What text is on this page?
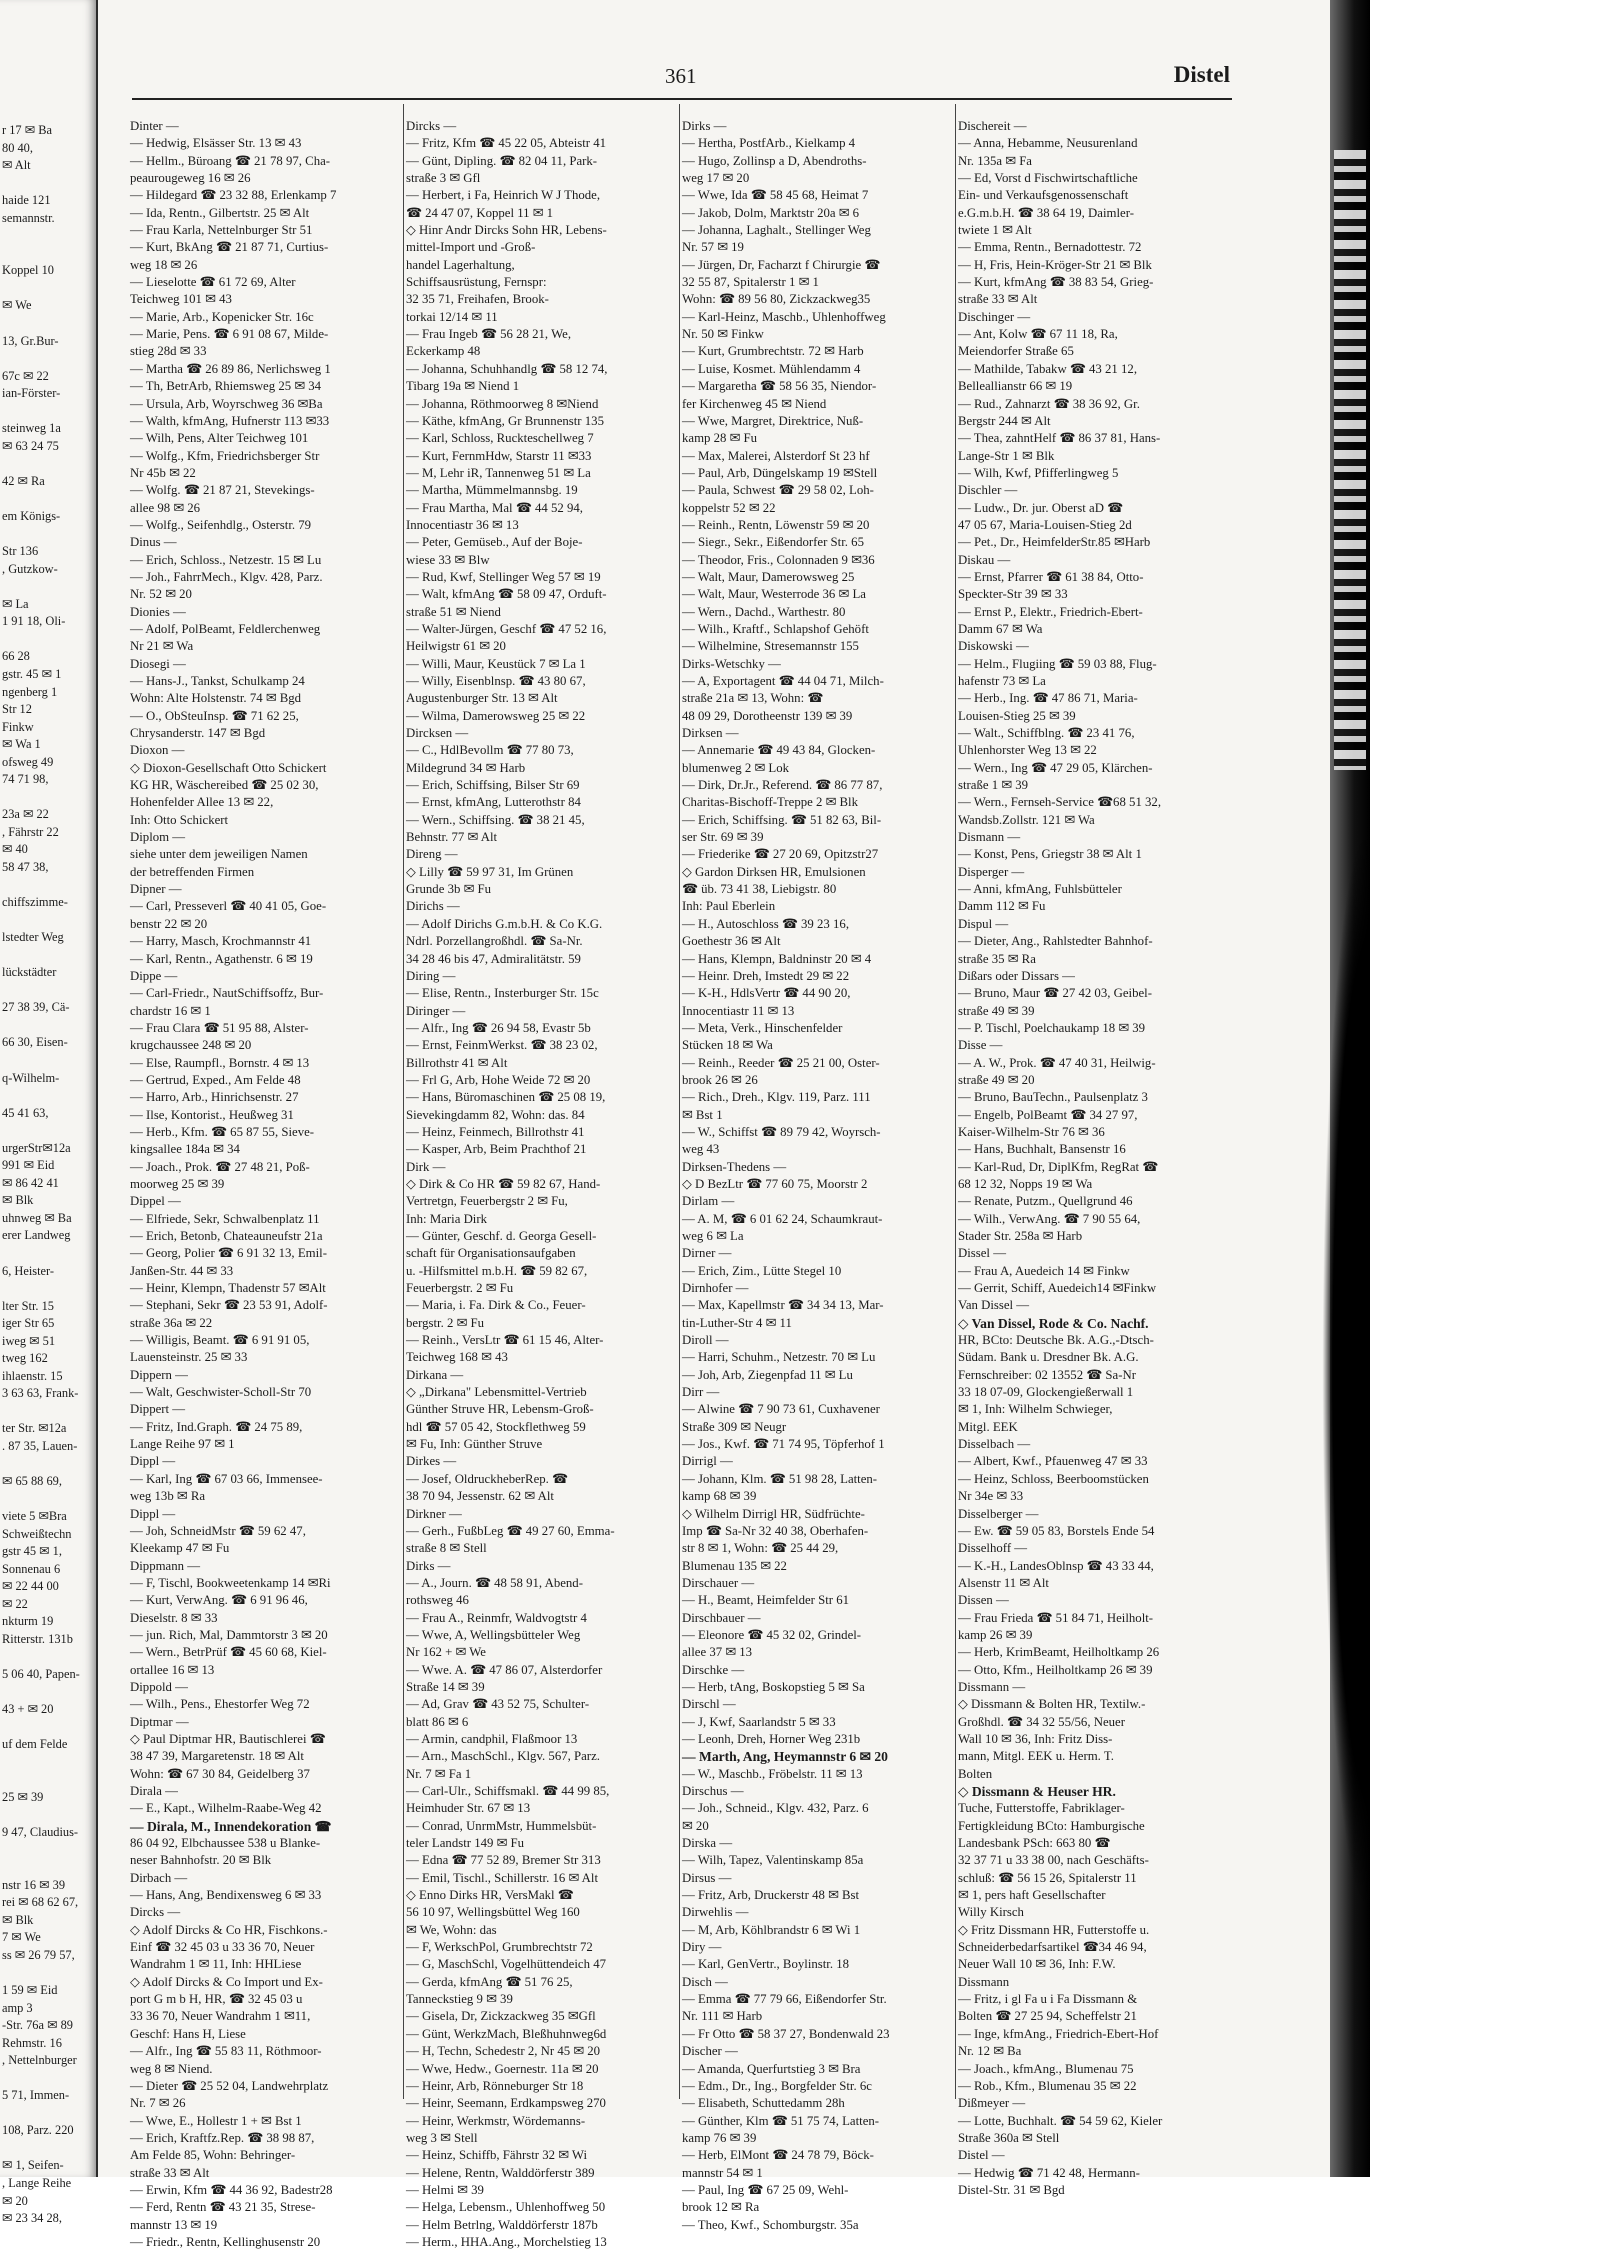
r 17 ✉ Ba
80 40,
✉ Alt

haide 121
semannstr.

Koppel 10

✉ We

13, Gr.Bur-

67c ✉ 22
ian-Förster-

steinweg 1a
✉ 63 24 75

42 ✉ Ra

em Königs-

Str 136
, Gutzkow-

✉ La
1 91 18, Oli-

66 28
gstr. 45 ✉ 1
ngenberg 1
Str 12
Finkw
✉ Wa 1
ofsweg 49
74 71 98,

23a ✉ 22
, Fährstr 22
✉ 40
58 47 38,

chiffszimme-

lstedter Weg

lückstädter

27 38 39, Cä-

66 30, Eisen-

q-Wilhelm-

45 41 63,

urgerStr✉12a
991 ✉ Eid
✉ 86 42 41
✉ Blk
uhnweg ✉ Ba
erer Landweg

6, Heister-

lter Str. 15
iger Str 65
iweg ✉ 51
tweg 162
ihlaenstr. 15
3 63 63, Frank-

ter Str. ✉12a
. 87 35, Lauen-

✉ 65 88 69,

viete 5 ✉Bra
Schweißtechn
gstr 45 ✉ 1,
Sonnenau 6
✉ 22 44 00
✉ 22
nkturm 19
Ritterstr. 131b

5 06 40, Papen-

43 + ✉ 20

uf dem Felde

25 ✉ 39

9 47, Claudius-

nstr 16 ✉ 39
rei ✉ 68 62 67,
✉ Blk
7 ✉ We
ss ✉ 26 79 57,

1 59 ✉ Eid
amp 3
-Str. 76a ✉ 89
Rehmstr. 16
, Nettelnburger

5 71, Immen-

108, Parz. 220

✉ 1, Seifen-
, Lange Reihe
✉ 20
✉ 23 34 28,
361	Distel
Dinter —
— Hedwig, Elsässer Str. 13 ✉ 43
— Hellm., Büroang ☎ 21 78 97, Cha-
peaurougeweg 16 ✉ 26
— Hildegard ☎ 23 32 88, Erlenkamp 7
— Ida, Rentn., Gilbertstr. 25 ✉ Alt
— Frau Karla, Nettelnburger Str 51
— Kurt, BkAng ☎ 21 87 71, Curtius-
weg 18 ✉ 26
— Lieselotte ☎ 61 72 69, Alter
Teichweg 101 ✉ 43
— Marie, Arb., Kopenicker Str. 16c
— Marie, Pens. ☎ 6 91 08 67, Milde-
stieg 28d ✉ 33
— Martha ☎ 26 89 86, Nerlichsweg 1
— Th, BetrArb, Rhiemsweg 25 ✉ 34
— Ursula, Arb, Woyrschweg 36 ✉Ba
— Walth, kfmAng, Hufnerstr 113 ✉33
— Wilh, Pens, Alter Teichweg 101
— Wolfg., Kfm, Friedrichsberger Str
Nr 45b ✉ 22
— Wolfg. ☎ 21 87 21, Stevekings-
allee 98 ✉ 26
— Wolfg., Seifenhdlg., Osterstr. 79
Dinus —
— Erich, Schloss., Netzestr. 15 ✉ Lu
— Joh., FahrrMech., Klgv. 428, Parz.
Nr. 52 ✉ 20
Dionies —
— Adolf, PolBeamt, Feldlerchenweg
Nr 21 ✉ Wa
Diosegi —
— Hans-J., Tankst, Schulkamp 24
Wohn: Alte Holstenstr. 74 ✉ Bgd
— O., ObSteuInsp. ☎ 71 62 25,
Chrysanderstr. 147 ✉ Bgd
Dioxon —
◇ Dioxon-Gesellschaft Otto Schickert
KG HR, Wäschereibed ☎ 25 02 30,
Hohenfelder Allee 13 ✉ 22,
Inh: Otto Schickert
Diplom —
siehe unter dem jeweiligen Namen
der betreffenden Firmen
Dipner —
— Carl, Presseverl ☎ 40 41 05, Goe-
benstr 22 ✉ 20
— Harry, Masch, Krochmannstr 41
— Karl, Rentn., Agathenstr. 6 ✉ 19
Dippe —
— Carl-Friedr., NautSchiffsoffz, Bur-
chardstr 16 ✉ 1
— Frau Clara ☎ 51 95 88, Alster-
krugchaussee 248 ✉ 20
— Else, Raumpfl., Bornstr. 4 ✉ 13
— Gertrud, Exped., Am Felde 48
— Harro, Arb., Hinrichsenstr. 27
— Ilse, Kontorist., Heußweg 31
— Herb., Kfm. ☎ 65 87 55, Sieve-
kingsallee 184a ✉ 34
— Joach., Prok. ☎ 27 48 21, Poß-
moorweg 25 ✉ 39
Dippel —
— Elfriede, Sekr, Schwalbenplatz 11
— Erich, Betonb, Chateauneufstr 21a
— Georg, Polier ☎ 6 91 32 13, Emil-
Janßen-Str. 44 ✉ 33
— Heinr, Klempn, Thadenstr 57 ✉Alt
— Stephani, Sekr ☎ 23 53 91, Adolf-
straße 36a ✉ 22
— Willigis, Beamt. ☎ 6 91 91 05,
Lauensteinstr. 25 ✉ 33
Dippern —
— Walt, Geschwister-Scholl-Str 70
Dippert —
— Fritz, Ind.Graph. ☎ 24 75 89,
Lange Reihe 97 ✉ 1
Dippl —
— Karl, Ing ☎ 67 03 66, Immensee-
weg 13b ✉ Ra
Dippl —
— Joh, SchneidMstr ☎ 59 62 47,
Kleekamp 47 ✉ Fu
Dippmann —
— F, Tischl, Bookweetenkamp 14 ✉Ri
— Kurt, VerwAng. ☎ 6 91 96 46,
Dieselstr. 8 ✉ 33
— jun. Rich, Mal, Dammtorstr 3 ✉ 20
— Wern., BetrPrüf ☎ 45 60 68, Kiel-
ortallee 16 ✉ 13
Dippold —
— Wilh., Pens., Ehestorfer Weg 72
Diptmar —
◇ Paul Diptmar HR, Bautischlerei ☎
38 47 39, Margaretenstr. 18 ✉ Alt
Wohn: ☎ 67 30 84, Geidelberg 37
Dirala —
— E., Kapt., Wilhelm-Raabe-Weg 42
— Dirala, M., Innendekoration ☎
86 04 92, Elbchaussee 538 u Blanke-
neser Bahnhofstr. 20 ✉ Blk
Dirbach —
— Hans, Ang, Bendixensweg 6 ✉ 33
Dircks —
◇ Adolf Dircks & Co HR, Fischkons.-
Einf ☎ 32 45 03 u 33 36 70, Neuer
Wandrahm 1 ✉ 11, Inh: HHLiese
◇ Adolf Dircks & Co Import und Ex-
port G m b H, HR, ☎ 32 45 03 u
33 36 70, Neuer Wandrahm 1 ✉11,
Geschf: Hans H, Liese
— Alfr., Ing ☎ 55 83 11, Röthmoor-
weg 8 ✉ Niend.
— Dieter ☎ 25 52 04, Landwehrplatz
Nr. 7 ✉ 26
— Wwe, E., Hollestr 1 + ✉ Bst 1
— Erich, Kraftfz.Rep. ☎ 38 98 87,
Am Felde 85, Wohn: Behringer-
straße 33 ✉ Alt
— Erwin, Kfm ☎ 44 36 92, Badestr28
— Ferd, Rentn ☎ 43 21 35, Strese-
mannstr 13 ✉ 19
— Friedr., Rentn, Kellinghusenstr 20
Dircks —
— Fritz, Kfm ☎ 45 22 05, Abteistr 41
— Günt, Dipling. ☎ 82 04 11, Park-
straße 3 ✉ Gfl
— Herbert, i Fa, Heinrich W J Thode,
☎ 24 47 07, Koppel 11 ✉ 1
◇ Hinr Andr Dircks Sohn HR, Lebens-
mittel-Import und -Groß-
handel Lagerhaltung,
Schiffsausrüstung, Fernspr:
32 35 71, Freihafen, Brook-
torkai 12/14 ✉ 11
— Frau Ingeb ☎ 56 28 21, We,
Eckerkamp 48
— Johanna, Schuhhandlg ☎ 58 12 74,
Tibarg 19a ✉ Niend 1
— Johanna, Röthmoorweg 8 ✉Niend
— Käthe, kfmAng, Gr Brunnenstr 135
— Karl, Schloss, Ruckteschellweg 7
— Kurt, FernmHdw, Starstr 11 ✉33
— M, Lehr iR, Tannenweg 51 ✉ La
— Martha, Mümmelmannsbg. 19
— Frau Martha, Mal ☎ 44 52 94,
Innocentiastr 36 ✉ 13
— Peter, Gemüseb., Auf der Boje-
wiese 33 ✉ Blw
— Rud, Kwf, Stellinger Weg 57 ✉ 19
— Walt, kfmAng ☎ 58 09 47, Orduft-
straße 51 ✉ Niend
— Walter-Jürgen, Geschf ☎ 47 52 16,
Heilwigstr 61 ✉ 20
— Willi, Maur, Keustück 7 ✉ La 1
— Willy, Eisenblnsp. ☎ 43 80 67,
Augustenburger Str. 13 ✉ Alt
— Wilma, Damerowsweg 25 ✉ 22
Dircksen —
— C., HdlBevollm ☎ 77 80 73,
Mildegrund 34 ✉ Harb
— Erich, Schiffsing, Bilser Str 69
— Ernst, kfmAng, Lutterothstr 84
— Wern., Schiffsing. ☎ 38 21 45,
Behnstr. 77 ✉ Alt
Direng —
◇ Lilly ☎ 59 97 31, Im Grünen
Grunde 3b ✉ Fu
Dirichs —
— Adolf Dirichs G.m.b.H. & Co K.G.
Ndrl. Porzellangroßhdl. ☎ Sa-Nr.
34 28 46 bis 47, Admiralitätstr. 59
Diring —
— Elise, Rentn., Insterburger Str. 15c
Diringer —
— Alfr., Ing ☎ 26 94 58, Evastr 5b
— Ernst, FeinmWerkst. ☎ 38 23 02,
Billrothstr 41 ✉ Alt
— Frl G, Arb, Hohe Weide 72 ✉ 20
— Hans, Büromaschinen ☎ 25 08 19,
Sievekingdamm 82, Wohn: das. 84
— Heinz, Feinmech, Billrothstr 41
— Kasper, Arb, Beim Prachthof 21
Dirk —
◇ Dirk & Co HR ☎ 59 82 67, Hand-
Vertretgn, Feuerbergstr 2 ✉ Fu,
Inh: Maria Dirk
— Günter, Geschf. d. Georga Gesell-
schaft für Organisationsaufgaben
u. -Hilfsmittel m.b.H. ☎ 59 82 67,
Feuerbergstr. 2 ✉ Fu
— Maria, i. Fa. Dirk & Co., Feuer-
bergstr. 2 ✉ Fu
— Reinh., VersLtr ☎ 61 15 46, Alter-
Teichweg 168 ✉ 43
Dirkana —
◇ „Dirkana" Lebensmittel-Vertrieb
Günther Struve HR, Lebensm-Groß-
hdl ☎ 57 05 42, Stockflethweg 59
✉ Fu, Inh: Günther Struve
Dirkes —
— Josef, OldruckheberRep. ☎
38 70 94, Jessenstr. 62 ✉ Alt
Dirkner —
— Gerh., FußbLeg ☎ 49 27 60, Emma-
straße 8 ✉ Stell
Dirks —
— A., Journ. ☎ 48 58 91, Abend-
rothsweg 46
— Frau A., Reinmfr, Waldvogtstr 4
— Wwe, A, Wellingsbütteler Weg
Nr 162 + ✉ We
— Wwe. A. ☎ 47 86 07, Alsterdorfer
Straße 14 ✉ 39
— Ad, Grav ☎ 43 52 75, Schulter-
blatt 86 ✉ 6
— Armin, candphil, Flaßmoor 13
— Arn., MaschSchl., Klgv. 567, Parz.
Nr. 7 ✉ Fa 1
— Carl-Ulr., Schiffsmakl. ☎ 44 99 85,
Heimhuder Str. 67 ✉ 13
— Conrad, UnrmMstr, Hummelsbüt-
teler Landstr 149 ✉ Fu
— Edna ☎ 77 52 89, Bremer Str 313
— Emil, Tischl., Schillerstr. 16 ✉ Alt
◇ Enno Dirks HR, VersMakl ☎
56 10 97, Wellingsbüttel Weg 160
✉ We, Wohn: das
— F, WerkschPol, Grumbrechtstr 72
— G, MaschSchl, Vogelhüttendeich 47
— Gerda, kfmAng ☎ 51 76 25,
Tanneckstieg 9 ✉ 39
— Gisela, Dr, Zickzackweg 35 ✉Gfl
— Günt, WerkzMach, Bleßhuhnweg6d
— H, Techn, Schedestr 2, Nr 45 ✉ 20
— Wwe, Hedw., Goernestr. 11a ✉ 20
— Heinr, Arb, Rönneburger Str 18
— Heinr, Seemann, Erdkampsweg 270
— Heinr, Werkmstr, Wördemanns-
weg 3 ✉ Stell
— Heinz, Schiffb, Fährstr 32 ✉ Wi
— Helene, Rentn, Walddörferstr 389
— Helmi ✉ 39
— Helga, Lebensm., Uhlenhoffweg 50
— Helm Betrlng, Walddörferstr 187b
— Herm., HHA.Ang., Morchelstieg 13
Dirks —
— Hertha, PostfArb., Kielkamp 4
— Hugo, Zollinsp a D, Abendroths-
weg 17 ✉ 20
— Wwe, Ida ☎ 58 45 68, Heimat 7
— Jakob, Dolm, Marktstr 20a ✉ 6
— Johanna, Laghalt., Stellinger Weg
Nr. 57 ✉ 19
— Jürgen, Dr, Facharzt f Chirurgie ☎
32 55 87, Spitalerstr 1 ✉ 1
Wohn: ☎ 89 56 80, Zickzackweg35
— Karl-Heinz, Maschb., Uhlenhoffweg
Nr. 50 ✉ Finkw
— Kurt, Grumbrechtstr. 72 ✉ Harb
— Luise, Kosmet. Mühlendamm 4
— Margaretha ☎ 58 56 35, Niendor-
fer Kirchenweg 45 ✉ Niend
— Wwe, Margret, Direktrice, Nuß-
kamp 28 ✉ Fu
— Max, Malerei, Alsterdorf St 23 hf
— Paul, Arb, Düngelskamp 19 ✉Stell
— Paula, Schwest ☎ 29 58 02, Loh-
koppelstr 52 ✉ 22
— Reinh., Rentn, Löwenstr 59 ✉ 20
— Siegr., Sekr., Eißendorfer Str. 65
— Theodor, Fris., Colonnaden 9 ✉36
— Walt, Maur, Damerowsweg 25
— Walt, Maur, Westerrode 36 ✉ La
— Wern., Dachd., Warthestr. 80
— Wilh., Kraftf., Schlapshof Gehöft
— Wilhelmine, Stresemannstr 155
Dirks-Wetschky —
— A, Exportagent ☎ 44 04 71, Milch-
straße 21a ✉ 13, Wohn: ☎
48 09 29, Dorotheenstr 139 ✉ 39
Dirksen —
— Annemarie ☎ 49 43 84, Glocken-
blumenweg 2 ✉ Lok
— Dirk, Dr.Jr., Referend. ☎ 86 77 87,
Charitas-Bischoff-Treppe 2 ✉ Blk
— Erich, Schiffsing. ☎ 51 82 63, Bil-
ser Str. 69 ✉ 39
— Friederike ☎ 27 20 69, Opitzstr27
◇ Gardon Dirksen HR, Emulsionen
☎ üb. 73 41 38, Liebigstr. 80
Inh: Paul Eberlein
— H., Autoschloss ☎ 39 23 16,
Goethestr 36 ✉ Alt
— Hans, Klempn, Baldninstr 20 ✉ 4
— Heinr. Dreh, Imstedt 29 ✉ 22
— K-H., HdlsVertr ☎ 44 90 20,
Innocentiastr 11 ✉ 13
— Meta, Verk., Hinschenfelder
Stücken 18 ✉ Wa
— Reinh., Reeder ☎ 25 21 00, Oster-
brook 26 ✉ 26
— Rich., Dreh., Klgv. 119, Parz. 111
✉ Bst 1
— W., Schiffst ☎ 89 79 42, Woyrsch-
weg 43
Dirksen-Thedens —
◇ D BezLtr ☎ 77 60 75, Moorstr 2
Dirlam —
— A. M, ☎ 6 01 62 24, Schaumkraut-
weg 6 ✉ La
Dirner —
— Erich, Zim., Lütte Stegel 10
Dirnhofer —
— Max, Kapellmstr ☎ 34 34 13, Mar-
tin-Luther-Str 4 ✉ 11
Diroll —
— Harri, Schuhm., Netzestr. 70 ✉ Lu
— Joh, Arb, Ziegenpfad 11 ✉ Lu
Dirr —
— Alwine ☎ 7 90 73 61, Cuxhavener
Straße 309 ✉ Neugr
— Jos., Kwf. ☎ 71 74 95, Töpferhof 1
Dirrigl —
— Johann, Klm. ☎ 51 98 28, Latten-
kamp 68 ✉ 39
◇ Wilhelm Dirrigl HR, Südfrüchte-
Imp ☎ Sa-Nr 32 40 38, Oberhafen-
str 8 ✉ 1, Wohn: ☎ 25 44 29,
Blumenau 135 ✉ 22
Dirschauer —
— H., Beamt, Heimfelder Str 61
Dirschbauer —
— Eleonore ☎ 45 32 02, Grindel-
allee 37 ✉ 13
Dirschke —
— Herb, tAng, Boskopstieg 5 ✉ Sa
Dirschl —
— J, Kwf, Saarlandstr 5 ✉ 33
— Leonh, Dreh, Horner Weg 231b
— Marth, Ang, Heymannstr 6 ✉ 20
— W., Maschb., Fröbelstr. 11 ✉ 13
Dirschus —
— Joh., Schneid., Klgv. 432, Parz. 6
✉ 20
Dirska —
— Wilh, Tapez, Valentinskamp 85a
Dirsus —
— Fritz, Arb, Druckerstr 48 ✉ Bst
Dirwehlis —
— M, Arb, Köhlbrandstr 6 ✉ Wi 1
Diry —
— Karl, GenVertr., Boylinstr. 18
Disch —
— Emma ☎ 77 79 66, Eißendorfer Str.
Nr. 111 ✉ Harb
— Fr Otto ☎ 58 37 27, Bondenwald 23
Discher —
— Amanda, Querfurtstieg 3 ✉ Bra
— Edm., Dr., Ing., Borgfelder Str. 6c
— Elisabeth, Schuttedamm 28h
— Günther, Klm ☎ 51 75 74, Latten-
kamp 76 ✉ 39
— Herb, ElMont ☎ 24 78 79, Böck-
mannstr 54 ✉ 1
— Paul, Ing ☎ 67 25 09, Wehl-
brook 12 ✉ Ra
— Theo, Kwf., Schomburgstr. 35a
Dischereit —
— Anna, Hebamme, Neusurenland
Nr. 135a ✉ Fa
— Ed, Vorst d Fischwirtschaftliche
Ein- und Verkaufsgenossenschaft
e.G.m.b.H. ☎ 38 64 19, Daimler-
twiete 1 ✉ Alt
— Emma, Rentn., Bernadottestr. 72
— H, Fris, Hein-Kröger-Str 21 ✉ Blk
— Kurt, kfmAng ☎ 38 83 54, Grieg-
straße 33 ✉ Alt
Dischinger —
— Ant, Kolw ☎ 67 11 18, Ra,
Meiendorfer Straße 65
— Mathilde, Tabakw ☎ 43 21 12,
Belleallianstr 66 ✉ 19
— Rud., Zahnarzt ☎ 38 36 92, Gr.
Bergstr 244 ✉ Alt
— Thea, zahntHelf ☎ 86 37 81, Hans-
Lange-Str 1 ✉ Blk
— Wilh, Kwf, Pfifferlingweg 5
Dischler —
— Ludw., Dr. jur. Oberst aD ☎
47 05 67, Maria-Louisen-Stieg 2d
— Pet., Dr., HeimfelderStr.85 ✉Harb
Diskau —
— Ernst, Pfarrer ☎ 61 38 84, Otto-
Speckter-Str 39 ✉ 33
— Ernst P., Elektr., Friedrich-Ebert-
Damm 67 ✉ Wa
Diskowski —
— Helm., Flugiing ☎ 59 03 88, Flug-
hafenstr 73 ✉ La
— Herb., Ing. ☎ 47 86 71, Maria-
Louisen-Stieg 25 ✉ 39
— Walt., Schiffblng. ☎ 23 41 76,
Uhlenhorster Weg 13 ✉ 22
— Wern., Ing ☎ 47 29 05, Klärchen-
straße 1 ✉ 39
— Wern., Fernseh-Service ☎68 51 32,
Wandsb.Zollstr. 121 ✉ Wa
Dismann —
— Konst, Pens, Griegstr 38 ✉ Alt 1
Disperger —
— Anni, kfmAng, Fuhlsbütteler
Damm 112 ✉ Fu
Dispul —
— Dieter, Ang., Rahlstedter Bahnhof-
straße 35 ✉ Ra
Dißars oder Dissars —
— Bruno, Maur ☎ 27 42 03, Geibel-
straße 49 ✉ 39
— P. Tischl, Poelchaukamp 18 ✉ 39
Disse —
— A. W., Prok. ☎ 47 40 31, Heilwig-
straße 49 ✉ 20
— Bruno, BauTechn., Paulsenplatz 3
— Engelb, PolBeamt ☎ 34 27 97,
Kaiser-Wilhelm-Str 76 ✉ 36
— Hans, Buchhalt, Bansenstr 16
— Karl-Rud, Dr, DiplKfm, RegRat ☎
68 12 32, Nopps 19 ✉ Wa
— Renate, Putzm., Quellgrund 46
— Wilh., VerwAng. ☎ 7 90 55 64,
Stader Str. 258a ✉ Harb
Dissel —
— Frau A, Auedeich 14 ✉ Finkw
— Gerrit, Schiff, Auedeich14 ✉Finkw
Van Dissel —
◇ Van Dissel, Rode & Co. Nachf.
HR, BCto: Deutsche Bk. A.G.,-Dtsch-
Südam. Bank u. Dresdner Bk. A.G.
Fernschreiber: 02 13552 ☎ Sa-Nr
33 18 07-09, Glockengießerwall 1
✉ 1, Inh: Wilhelm Schwieger,
Mitgl. EEK
Disselbach —
— Albert, Kwf., Pfauenweg 47 ✉ 33
— Heinz, Schloss, Beerboomstücken
Nr 34e ✉ 33
Disselberger —
— Ew. ☎ 59 05 83, Borstels Ende 54
Disselhoff —
— K.-H., LandesOblnsp ☎ 43 33 44,
Alsenstr 11 ✉ Alt
Dissen —
— Frau Frieda ☎ 51 84 71, Heilholt-
kamp 26 ✉ 39
— Herb, KrimBeamt, Heilholtkamp 26
— Otto, Kfm., Heilholtkamp 26 ✉ 39
Dissmann —
◇ Dissmann & Bolten HR, Textilw.-
Großhdl. ☎ 34 32 55/56, Neuer
Wall 10 ✉ 36, Inh: Fritz Diss-
mann, Mitgl. EEK u. Herm. T.
Bolten
◇ Dissmann & Heuser HR.
Tuche, Futterstoffe, Fabriklager-
Fertigkleidung BCto: Hamburgische
Landesbank PSch: 663 80 ☎
32 37 71 u 33 38 00, nach Geschäfts-
schluß: ☎ 56 15 26, Spitalerstr 11
✉ 1, pers haft Gesellschafter
Willy Kirsch
◇ Fritz Dissmann HR, Futterstoffe u.
Schneiderbedarfsartikel ☎34 46 94,
Neuer Wall 10 ✉ 36, Inh: F.W.
Dissmann
— Fritz, i gl Fa u i Fa Dissmann &
Bolten ☎ 27 25 94, Scheffelstr 21
— Inge, kfmAng., Friedrich-Ebert-Hof
Nr. 12 ✉ Ba
— Joach., kfmAng., Blumenau 75
— Rob., Kfm., Blumenau 35 ✉ 22
Dißmeyer —
— Lotte, Buchhalt. ☎ 54 59 62, Kieler
Straße 360a ✉ Stell
Distel —
— Hedwig ☎ 71 42 48, Hermann-
Distel-Str. 31 ✉ Bgd
